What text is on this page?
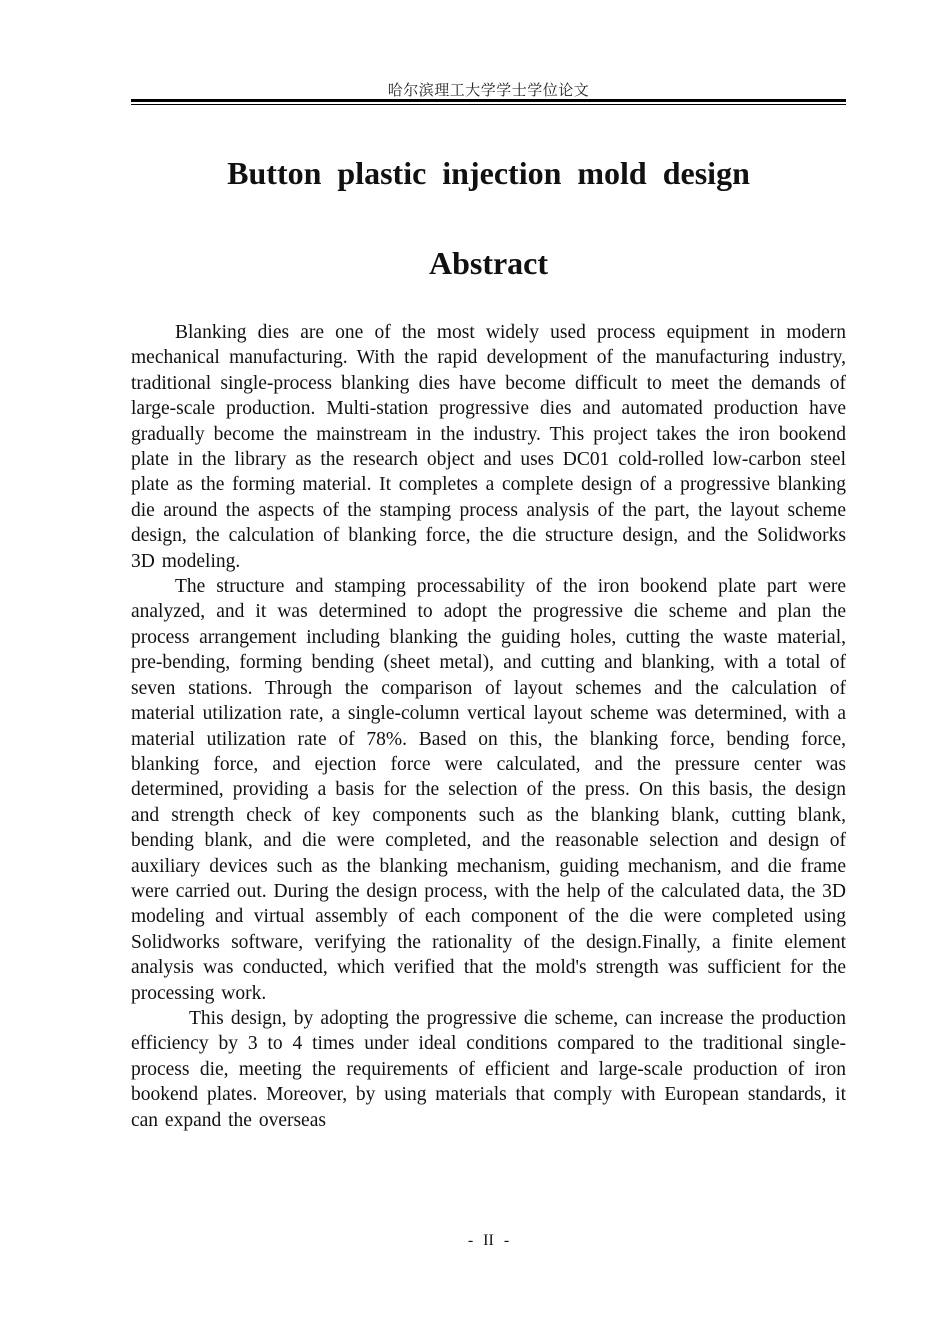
哈尔滨理工大学学士学位论文
Button plastic injection mold design
Abstract

Blanking dies are one of the most widely used process equipment in modern mechanical manufacturing. With the rapid development of the manufacturing industry, traditional single-process blanking dies have become difficult to meet the demands of large-scale production. Multi-station progressive dies and automated production have gradually become the mainstream in the industry. This project takes the iron bookend plate in the library as the research object and uses DC01 cold-rolled low-carbon steel plate as the forming material. It completes a complete design of a progressive blanking die around the aspects of the stamping process analysis of the part, the layout scheme design, the calculation of blanking force, the die structure design, and the Solidworks 3D modeling.

The structure and stamping processability of the iron bookend plate part were analyzed, and it was determined to adopt the progressive die scheme and plan the process arrangement including blanking the guiding holes, cutting the waste material, pre-bending, forming bending (sheet metal), and cutting and blanking, with a total of seven stations. Through the comparison of layout schemes and the calculation of material utilization rate, a single-column vertical layout scheme was determined, with a material utilization rate of 78%. Based on this, the blanking force, bending force, blanking force, and ejection force were calculated, and the pressure center was determined, providing a basis for the selection of the press. On this basis, the design and strength check of key components such as the blanking blank, cutting blank, bending blank, and die were completed, and the reasonable selection and design of auxiliary devices such as the blanking mechanism, guiding mechanism, and die frame were carried out. During the design process, with the help of the calculated data, the 3D modeling and virtual assembly of each component of the die were completed using Solidworks software, verifying the rationality of the design.Finally, a finite element analysis was conducted, which verified that the mold's strength was sufficient for the processing work.

This design, by adopting the progressive die scheme, can increase the production efficiency by 3 to 4 times under ideal conditions compared to the traditional single-process die, meeting the requirements of efficient and large-scale production of iron bookend plates. Moreover, by using materials that comply with European standards, it can expand the overseas

- II -
